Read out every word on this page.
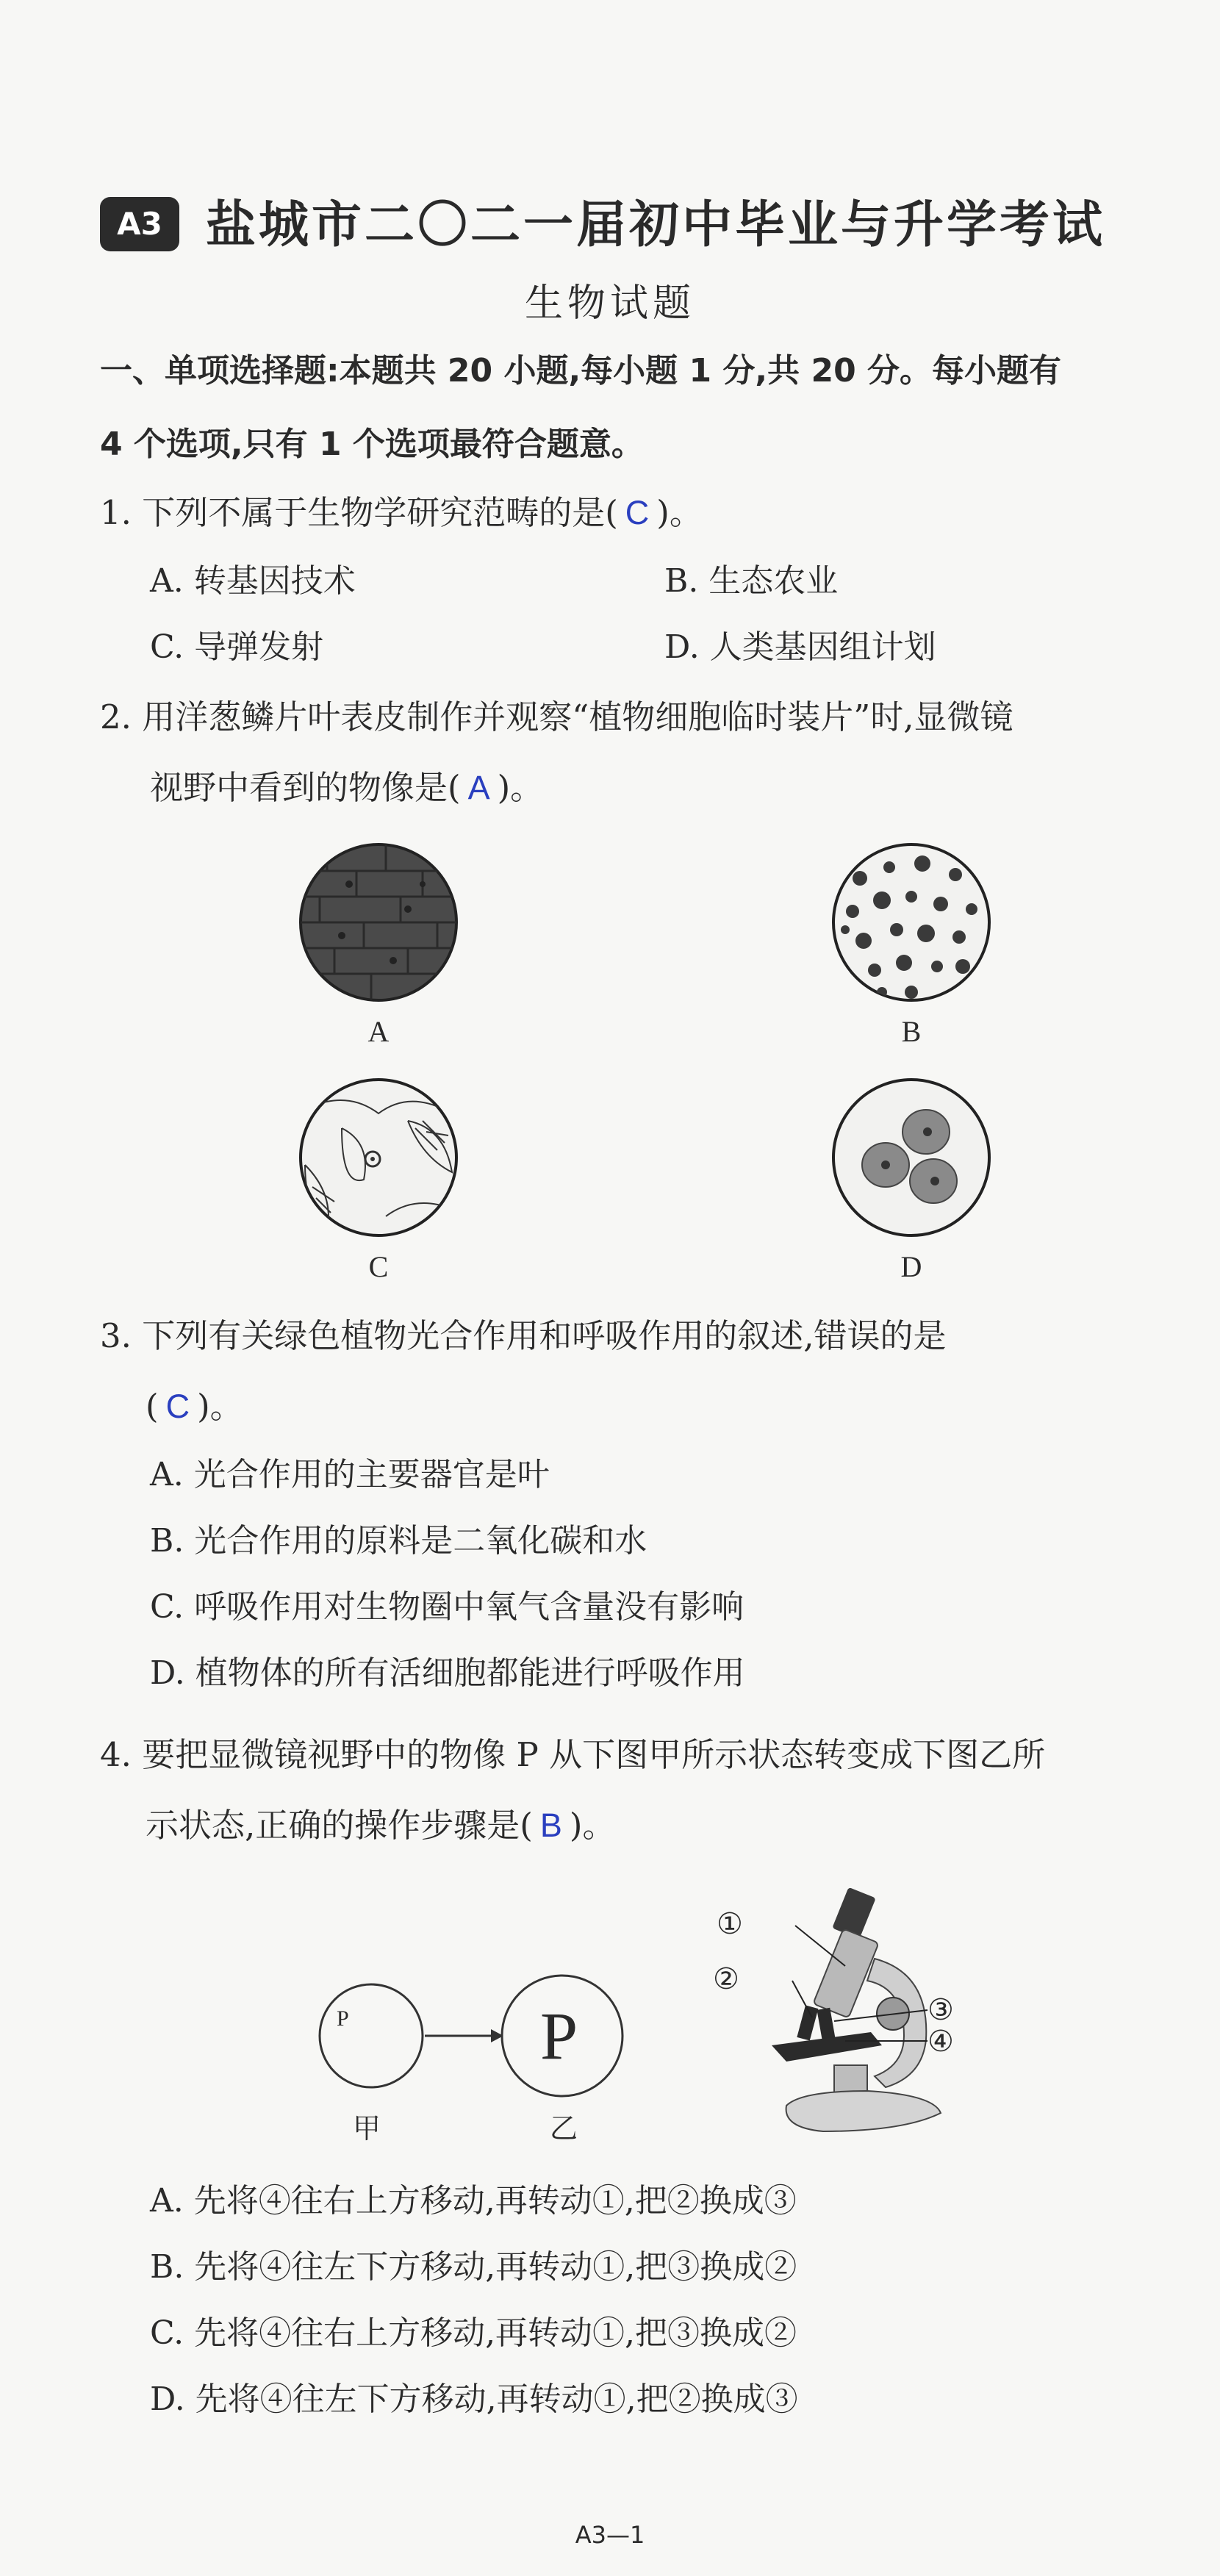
A3 盐城市二〇二一届初中毕业与升学考试
生物试题
一、单项选择题:本题共 20 小题,每小题 1 分,共 20 分。每小题有
4 个选项,只有 1 个选项最符合题意。
1. 下列不属于生物学研究范畴的是( C )。
A. 转基因技术	B. 生态农业
C. 导弹发射	D. 人类基因组计划
2. 用洋葱鳞片叶表皮制作并观察“植物细胞临时装片”时,显微镜
视野中看到的物像是( A )。
A	B
C	D
3. 下列有关绿色植物光合作用和呼吸作用的叙述,错误的是
( C )。
A. 光合作用的主要器官是叶
B. 光合作用的原料是二氧化碳和水
C. 呼吸作用对生物圈中氧气含量没有影响
D. 植物体的所有活细胞都能进行呼吸作用
4. 要把显微镜视野中的物像 P 从下图甲所示状态转变成下图乙所
示状态,正确的操作步骤是( B )。
P	P
甲	乙
①
②
③
④
A. 先将④往右上方移动,再转动①,把②换成③
B. 先将④往左下方移动,再转动①,把③换成②
C. 先将④往右上方移动,再转动①,把③换成②
D. 先将④往左下方移动,再转动①,把②换成③
A3—1
